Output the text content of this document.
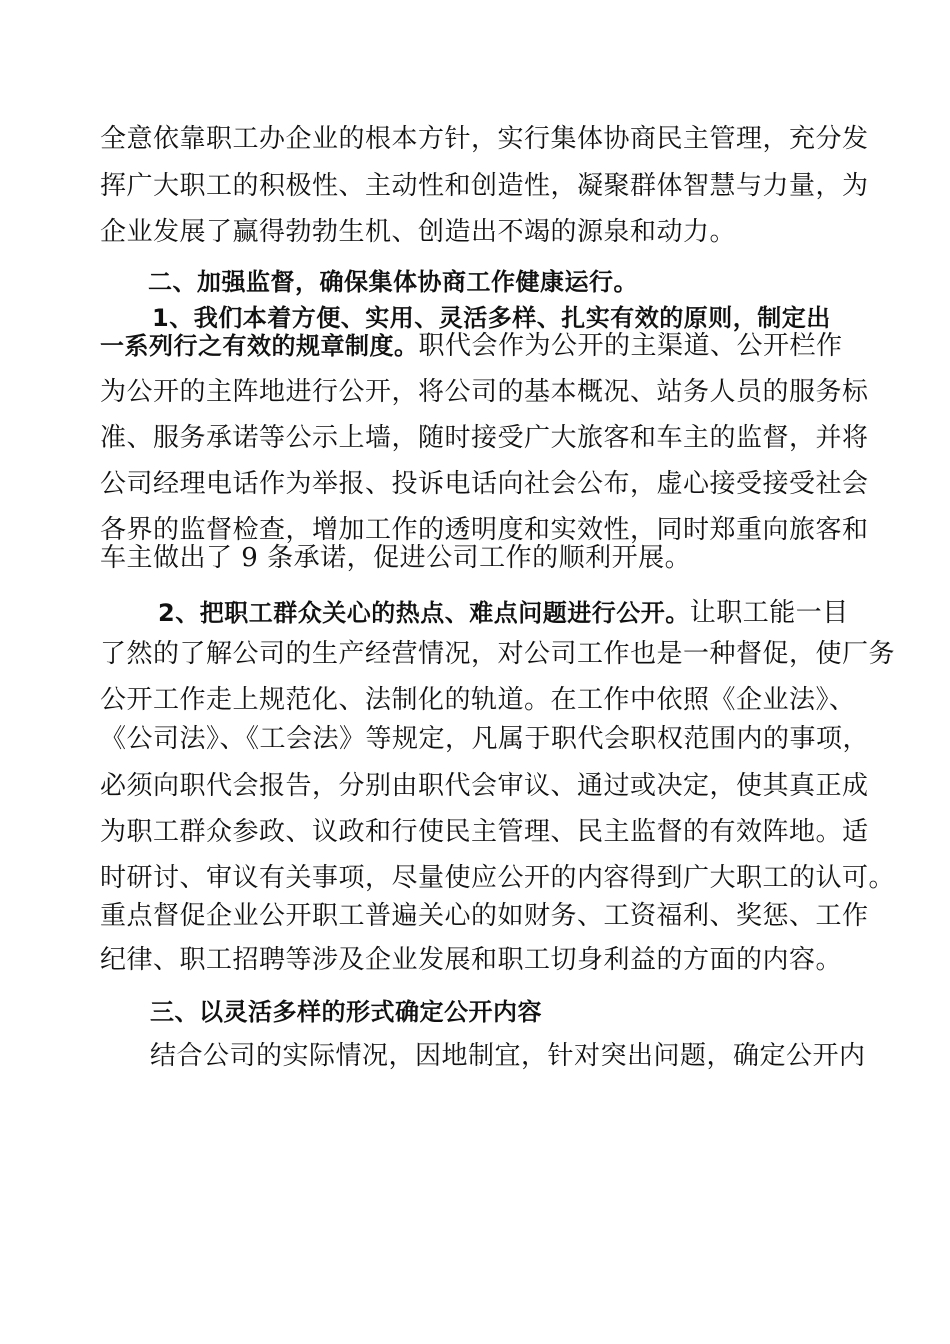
全意依靠职工办企业的根本方针，实行集体协商民主管理，充分发
挥广大职工的积极性、主动性和创造性，凝聚群体智慧与力量，为
企业发展了赢得勃勃生机、创造出不竭的源泉和动力。
二、加强监督，确保集体协商工作健康运行。
1、我们本着方便、实用、灵活多样、扎实有效的原则，制定出
一系列行之有效的规章制度。职代会作为公开的主渠道、公开栏作
为公开的主阵地进行公开，将公司的基本概况、站务人员的服务标
准、服务承诺等公示上墙，随时接受广大旅客和车主的监督，并将
公司经理电话作为举报、投诉电话向社会公布，虚心接受接受社会
各界的监督检查，增加工作的透明度和实效性，同时郑重向旅客和
车主做出了 9 条承诺，促进公司工作的顺利开展。
2、把职工群众关心的热点、难点问题进行公开。让职工能一目
了然的了解公司的生产经营情况，对公司工作也是一种督促，使厂务
公开工作走上规范化、法制化的轨道。在工作中依照《企业法》、
《公司法》、《工会法》等规定，凡属于职代会职权范围内的事项，
必须向职代会报告，分别由职代会审议、通过或决定，使其真正成
为职工群众参政、议政和行使民主管理、民主监督的有效阵地。适
时研讨、审议有关事项，尽量使应公开的内容得到广大职工的认可。
重点督促企业公开职工普遍关心的如财务、工资福利、奖惩、工作
纪律、职工招聘等涉及企业发展和职工切身利益的方面的内容。
三、以灵活多样的形式确定公开内容
结合公司的实际情况，因地制宜，针对突出问题，确定公开内
